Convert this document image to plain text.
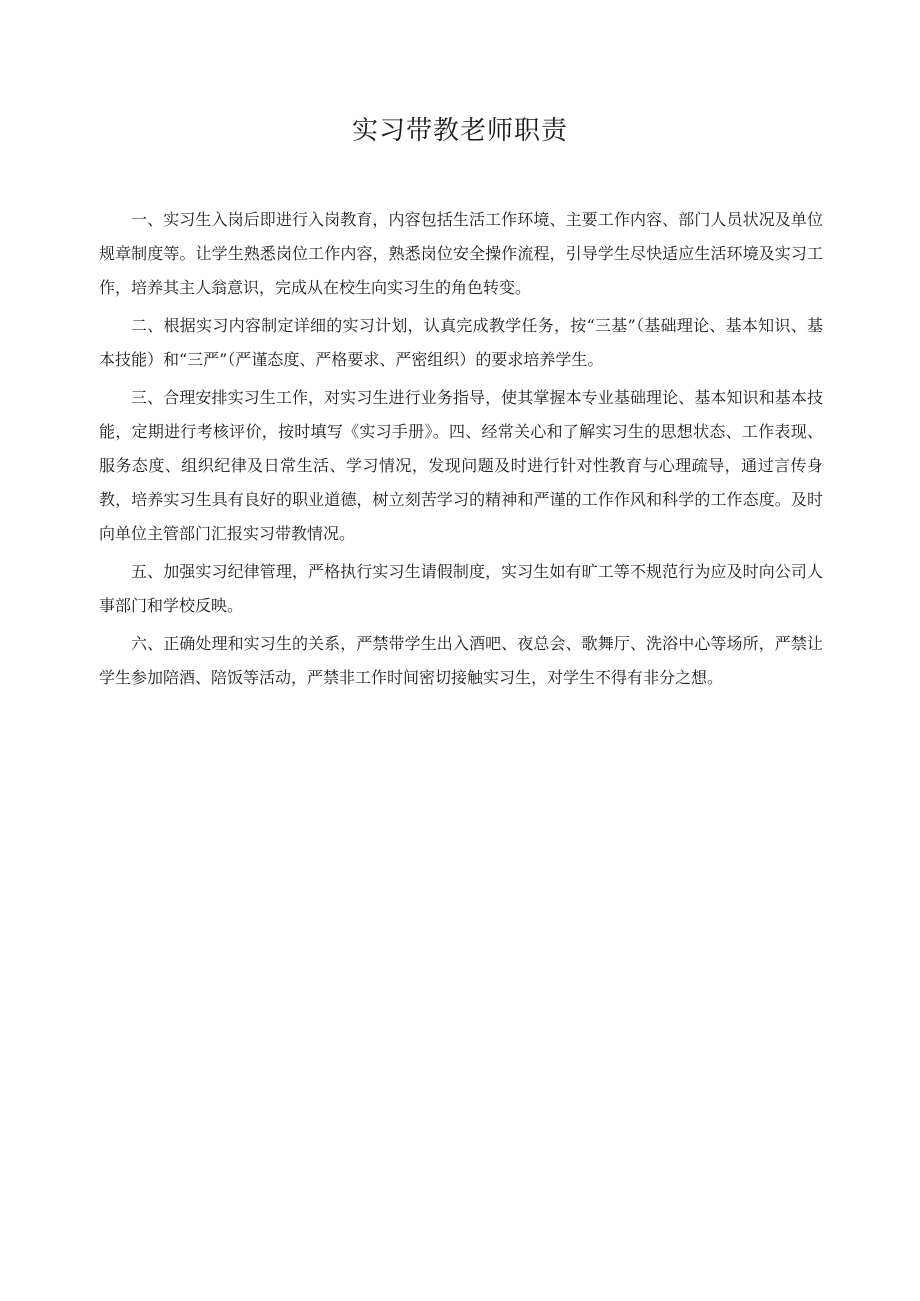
实习带教老师职责

一、实习生入岗后即进行入岗教育，内容包括生活工作环境、主要工作内容、部门人员状况及单位规章制度等。让学生熟悉岗位工作内容，熟悉岗位安全操作流程，引导学生尽快适应生活环境及实习工作，培养其主人翁意识，完成从在校生向实习生的角色转变。

二、根据实习内容制定详细的实习计划，认真完成教学任务，按“三基”（基础理论、基本知识、基本技能）和“三严”（严谨态度、严格要求、严密组织）的要求培养学生。

三、合理安排实习生工作，对实习生进行业务指导，使其掌握本专业基础理论、基本知识和基本技能，定期进行考核评价，按时填写《实习手册》。四、经常关心和了解实习生的思想状态、工作表现、服务态度、组织纪律及日常生活、学习情况，发现问题及时进行针对性教育与心理疏导，通过言传身教，培养实习生具有良好的职业道德，树立刻苦学习的精神和严谨的工作作风和科学的工作态度。及时向单位主管部门汇报实习带教情况。

五、加强实习纪律管理，严格执行实习生请假制度，实习生如有旷工等不规范行为应及时向公司人事部门和学校反映。

六、正确处理和实习生的关系，严禁带学生出入酒吧、夜总会、歌舞厅、洗浴中心等场所，严禁让学生参加陪酒、陪饭等活动，严禁非工作时间密切接触实习生，对学生不得有非分之想。
